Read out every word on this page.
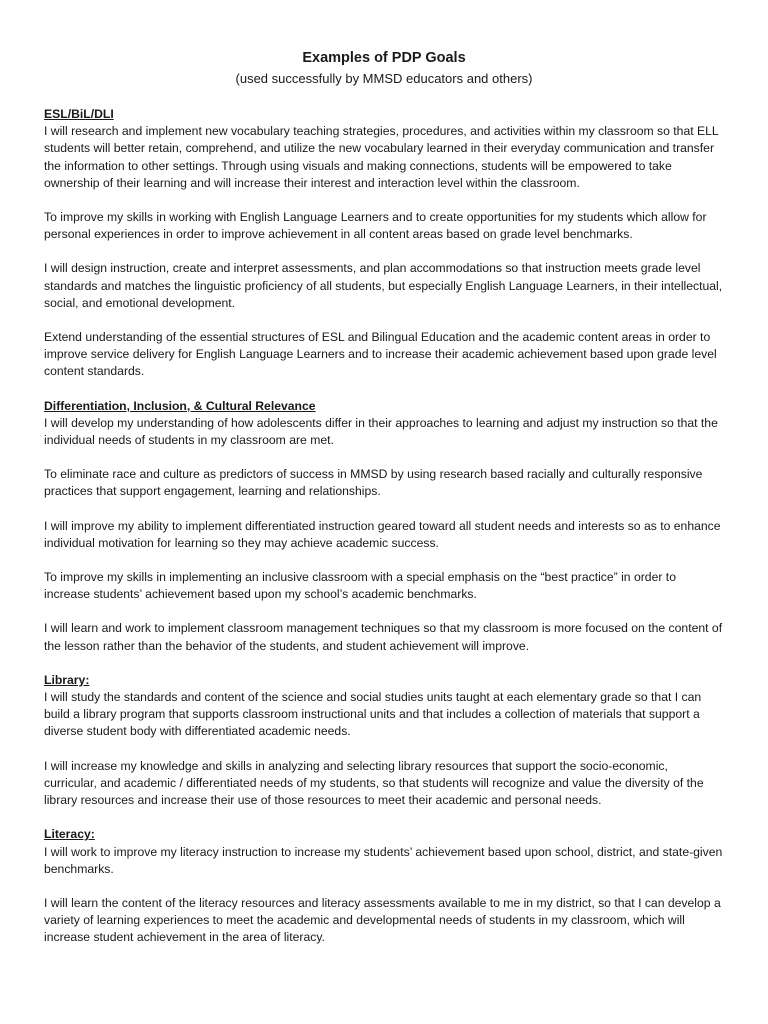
Examples of PDP Goals

(used successfully by MMSD educators and others)

ESL/BiL/DLI

I will research and implement new vocabulary teaching strategies, procedures, and activities within my classroom so that ELL students will better retain, comprehend, and utilize the new vocabulary learned in their everyday communication and transfer the information to other settings. Through using visuals and making connections, students will be empowered to take ownership of their learning and will increase their interest and interaction level within the classroom.

To improve my skills in working with English Language Learners and to create opportunities for my students which allow for personal experiences in order to improve achievement in all content areas based on grade level benchmarks.

I will design instruction, create and interpret assessments, and plan accommodations so that instruction meets grade level standards and matches the linguistic proficiency of all students, but especially English Language Learners, in their intellectual, social, and emotional development.

Extend understanding of the essential structures of ESL and Bilingual Education and the academic content areas in order to improve service delivery for English Language Learners and to increase their academic achievement based upon grade level content standards.

Differentiation, Inclusion, & Cultural Relevance

I will develop my understanding of how adolescents differ in their approaches to learning and adjust my instruction so that the individual needs of students in my classroom are met.

To eliminate race and culture as predictors of success in MMSD by using research based racially and culturally responsive practices that support engagement, learning and relationships.

I will improve my ability to implement differentiated instruction geared toward all student needs and interests so as to enhance individual motivation for learning so they may achieve academic success.

To improve my skills in implementing an inclusive classroom with a special emphasis on the “best practice” in order to increase students’ achievement based upon my school’s academic benchmarks.

I will learn and work to implement classroom management techniques so that my classroom is more focused on the content of the lesson rather than the behavior of the students, and student achievement will improve.

Library:

I will study the standards and content of the science and social studies units taught at each elementary grade so that I can build a library program that supports classroom instructional units and that includes a collection of materials that support a diverse student body with differentiated academic needs.

I will increase my knowledge and skills in analyzing and selecting library resources that support the socio-economic, curricular, and academic / differentiated needs of my students, so that students will recognize and value the diversity of the library resources and increase their use of those resources to meet their academic and personal needs.

Literacy:

I will work to improve my literacy instruction to increase my students’ achievement based upon school, district, and state-given benchmarks.

I will learn the content of the literacy resources and literacy assessments available to me in my district, so that I can develop a variety of learning experiences to meet the academic and developmental needs of students in my classroom, which will increase student achievement in the area of literacy.
